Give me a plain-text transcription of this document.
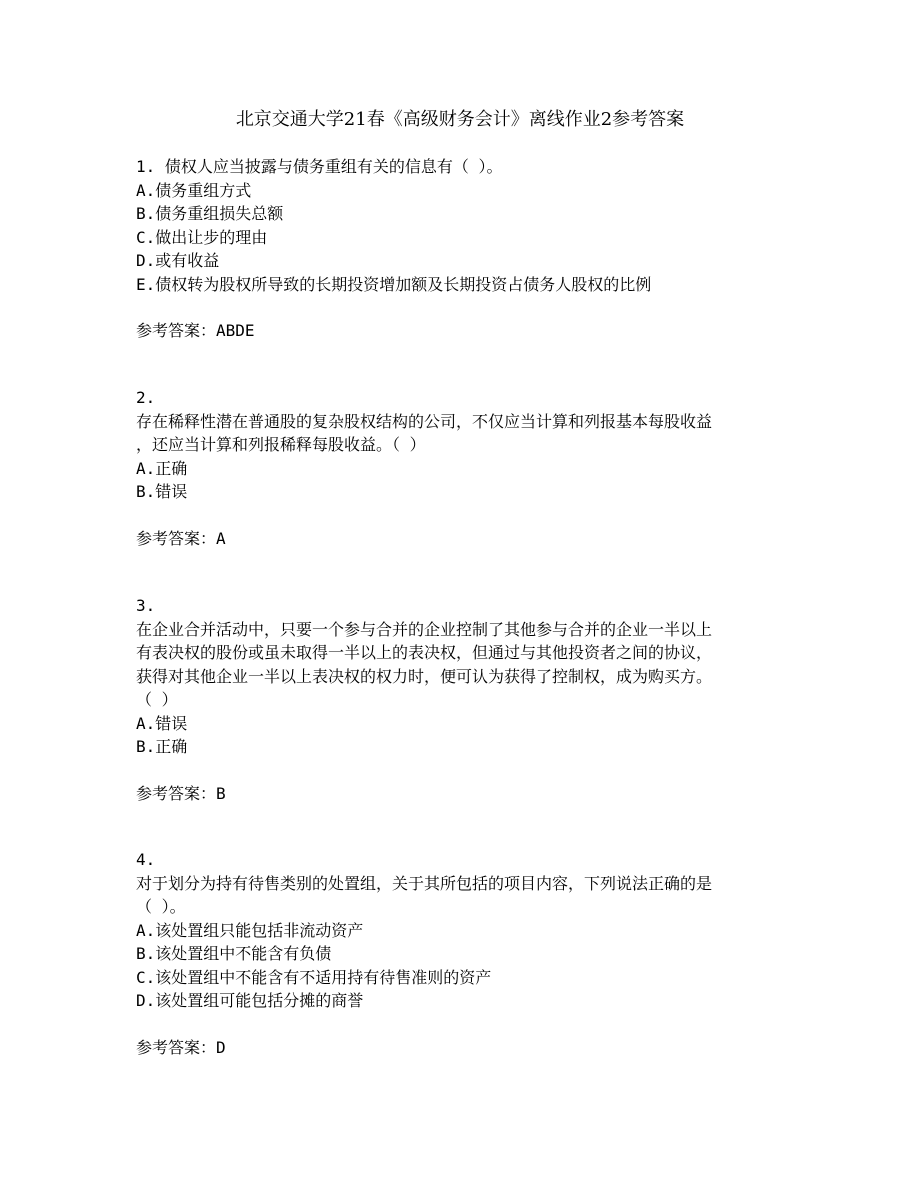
北京交通大学21春《高级财务会计》离线作业2参考答案
1. 债权人应当披露与债务重组有关的信息有（ ）。
A.债务重组方式
B.债务重组损失总额
C.做出让步的理由
D.或有收益
E.债权转为股权所导致的长期投资增加额及长期投资占债务人股权的比例
参考答案：ABDE
2.
存在稀释性潜在普通股的复杂股权结构的公司，不仅应当计算和列报基本每股收益
，还应当计算和列报稀释每股收益。（ ）
A.正确
B.错误
参考答案：A
3.
在企业合并活动中，只要一个参与合并的企业控制了其他参与合并的企业一半以上
有表决权的股份或虽未取得一半以上的表决权，但通过与其他投资者之间的协议，
获得对其他企业一半以上表决权的权力时，便可认为获得了控制权，成为购买方。
（ ）
A.错误
B.正确
参考答案：B
4.
对于划分为持有待售类别的处置组，关于其所包括的项目内容，下列说法正确的是
（ ）。
A.该处置组只能包括非流动资产
B.该处置组中不能含有负债
C.该处置组中不能含有不适用持有待售准则的资产
D.该处置组可能包括分摊的商誉
参考答案：D
